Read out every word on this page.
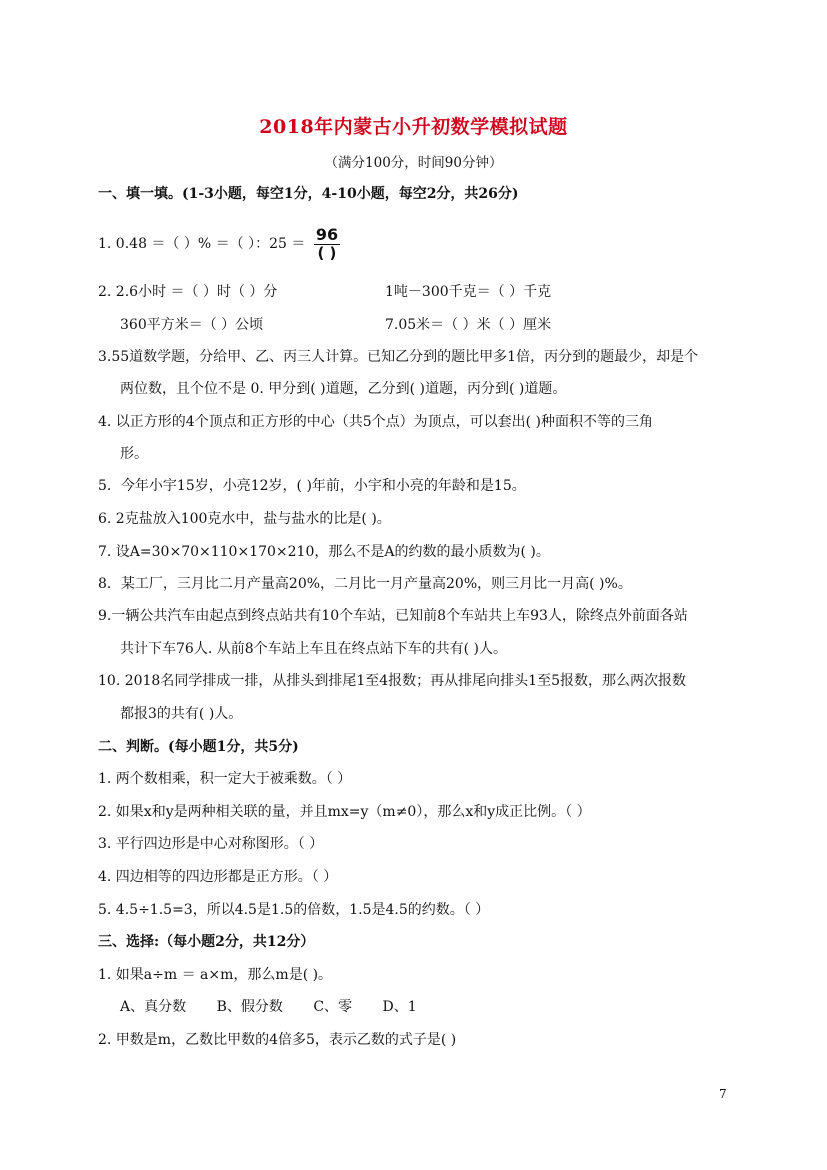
2018年内蒙古小升初数学模拟试题
（满分100分，时间90分钟）
一、填一填。(1-3小题，每空1分，4-10小题，每空2分，共26分)
1. 0.48 ＝（ ）% ＝（ ）：$25 = \frac{96}{( )}$
2. 2.6小时 ＝（ ）时（ ）分	1吨－300千克＝（ ）千克
360平方米＝（ ）公顷	7.05米＝（ ）米（ ）厘米
3.55道数学题，分给甲、乙、丙三人计算。已知乙分到的题比甲多1倍，丙分到的题最少，却是个
两位数，且个位不是 0. 甲分到( )道题，乙分到( )道题，丙分到( )道题。
4. 以正方形的4个顶点和正方形的中心（共5个点）为顶点，可以套出( )种面积不等的三角
形。
5．今年小宇15岁，小亮12岁，( )年前，小宇和小亮的年龄和是15。
6. 2克盐放入100克水中，盐与盐水的比是( )。
7. 设A=30×70×110×170×210，那么不是A的约数的最小质数为( )。
8．某工厂，三月比二月产量高20%，二月比一月产量高20%，则三月比一月高( )%。
9.一辆公共汽车由起点到终点站共有10个车站，已知前8个车站共上车93人，除终点外前面各站
共计下车76人. 从前8个车站上车且在终点站下车的共有( )人。
10. 2018名同学排成一排，从排头到排尾1至4报数；再从排尾向排头1至5报数，那么两次报数
都报3的共有( )人。
二、判断。(每小题1分，共5分)
1. 两个数相乘，积一定大于被乘数。（ ）
2. 如果x和y是两种相关联的量，并且mx=y（m≠0），那么x和y成正比例。（ ）
3. 平行四边形是中心对称图形。（ ）
4. 四边相等的四边形都是正方形。（ ）
5. 4.5÷1.5=3，所以4.5是1.5的倍数，1.5是4.5的约数。（ ）
三、选择:（每小题2分，共12分）
1. 如果a÷m ＝ a×m，那么m是( )。
A、真分数 B、假分数 C、零 D、1
2. 甲数是m，乙数比甲数的4倍多5，表示乙数的式子是( )
7
